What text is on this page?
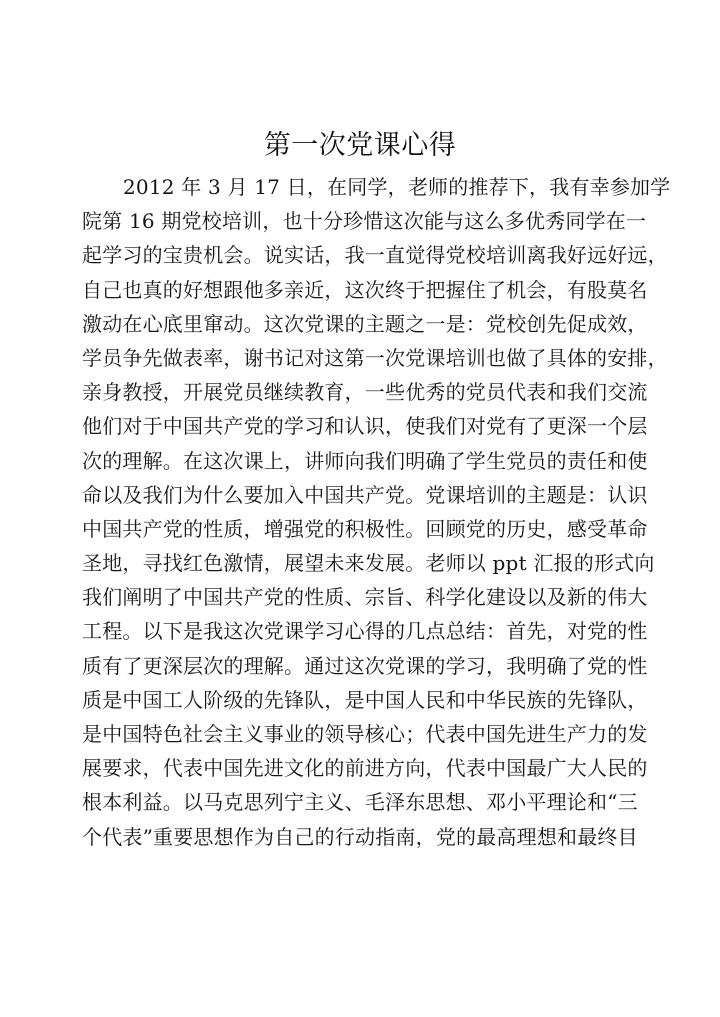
第一次党课心得
2012 年 3 月 17 日，在同学，老师的推荐下，我有幸参加学
院第 16 期党校培训，也十分珍惜这次能与这么多优秀同学在一
起学习的宝贵机会。说实话，我一直觉得党校培训离我好远好远，
自己也真的好想跟他多亲近，这次终于把握住了机会，有股莫名
激动在心底里窜动。这次党课的主题之一是：党校创先促成效，
学员争先做表率，谢书记对这第一次党课培训也做了具体的安排，
亲身教授，开展党员继续教育，一些优秀的党员代表和我们交流
他们对于中国共产党的学习和认识，使我们对党有了更深一个层
次的理解。在这次课上，讲师向我们明确了学生党员的责任和使
命以及我们为什么要加入中国共产党。党课培训的主题是：认识
中国共产党的性质，增强党的积极性。回顾党的历史，感受革命
圣地，寻找红色激情，展望未来发展。老师以 ppt 汇报的形式向
我们阐明了中国共产党的性质、宗旨、科学化建设以及新的伟大
工程。以下是我这次党课学习心得的几点总结：首先，对党的性
质有了更深层次的理解。通过这次党课的学习，我明确了党的性
质是中国工人阶级的先锋队，是中国人民和中华民族的先锋队，
是中国特色社会主义事业的领导核心；代表中国先进生产力的发
展要求，代表中国先进文化的前进方向，代表中国最广大人民的
根本利益。以马克思列宁主义、毛泽东思想、邓小平理论和“三
个代表”重要思想作为自己的行动指南，党的最高理想和最终目
